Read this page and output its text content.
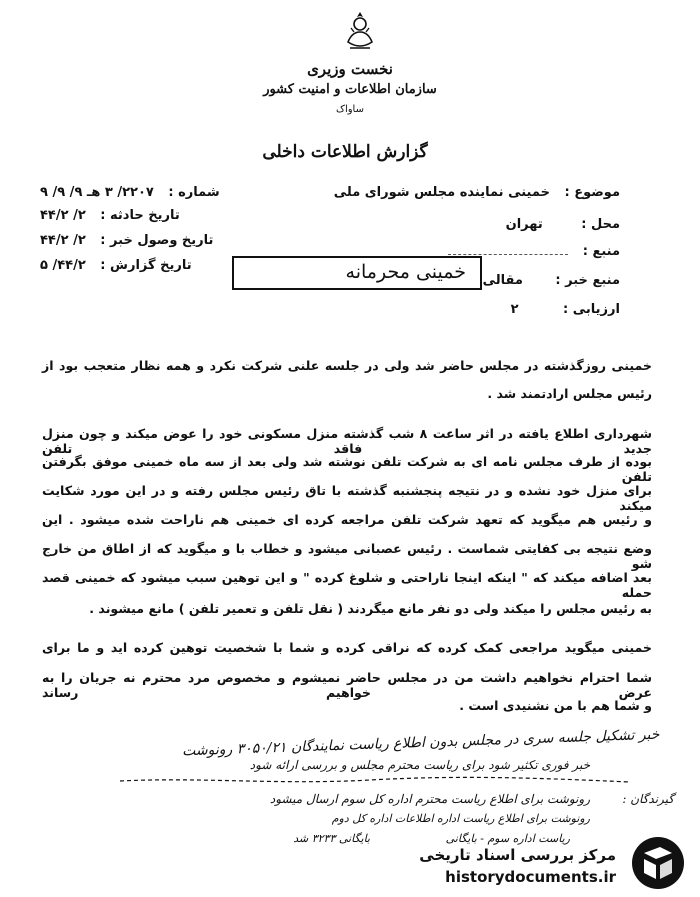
نخست وزیری
سازمان اطلاعات و امنیت کشور
ساواک
گزارش اطلاعات داخلی
موضوع : خمینی نماینده مجلس شورای ملی
محل : تهران
منبع :
منبع خبر : مقالی
ارزیابی : ۲
شماره : ۲۲۰۷/ ۳ هـ ۹/ ۹/ ۹
تاریخ حادثه : ۲/ ۴۴/۲
تاریخ وصول خبر : ۲/ ۴۴/۲
تاریخ گزارش : ۴۴/۲/ ۵	خمینی محرمانه
خمینی روزگذشته در مجلس حاضر شد ولی در جلسه علنی شرکت نکرد و همه نظار متعجب بود از
رئیس مجلس ارادتمند شد .
شهرداری اطلاع یافته در اثر ساعت ۸ شب گذشته منزل مسکونی خود را عوض میکند و چون منزل جدید فاقد تلفن
بوده از طرف مجلس نامه ای به شرکت تلفن نوشته شد ولی بعد از سه ماه خمینی موفق بگرفتن تلفن
برای منزل خود نشده و در نتیجه پنجشنبه گذشته با تاق رئیس مجلس رفته و در این مورد شکایت میکند
و رئیس هم میگوید که تعهد شرکت تلفن مراجعه کرده ای خمینی هم ناراحت شده میشود . این
وضع نتیجه بی کفایتی شماست . رئیس عصبانی میشود و خطاب با و میگوید که از اطاق من خارج شو
بعد اضافه میکند که " اینکه اینجا ناراحتی و شلوغ کرده " و این توهین سبب میشود که خمینی قصد حمله
به رئیس مجلس را میکند ولی دو نفر مانع میگردند ( نقل تلفن و تعمیر تلفن ) مانع میشوند .
خمینی میگوید مراجعی کمک کرده که نراقی کرده و شما با شخصیت توهین کرده اید و ما برای
شما احترام نخواهیم داشت من در مجلس حاضر نمیشوم و مخصوص مرد محترم نه جریان را به عرض خواهیم رساند
و شما هم با من نشنیدی است .
خبر تشکیل جلسه سری در مجلس بدون اطلاع ریاست نمایندگان ۳۰۵۰/۲۱ رونوشت
خبر فوری تکثیر شود برای ریاست محترم مجلس و بررسی ارائه شود
گیرندگان :
رونوشت برای اطلاع ریاست محترم اداره کل سوم ارسال میشود
رونوشت برای اطلاع ریاست اداره اطلاعات اداره کل دوم
ریاست اداره سوم - بایگانی
بایگانی ۳۲۳۳ شد
مرکز بررسی اسناد تاریخی
historydocuments.ir
